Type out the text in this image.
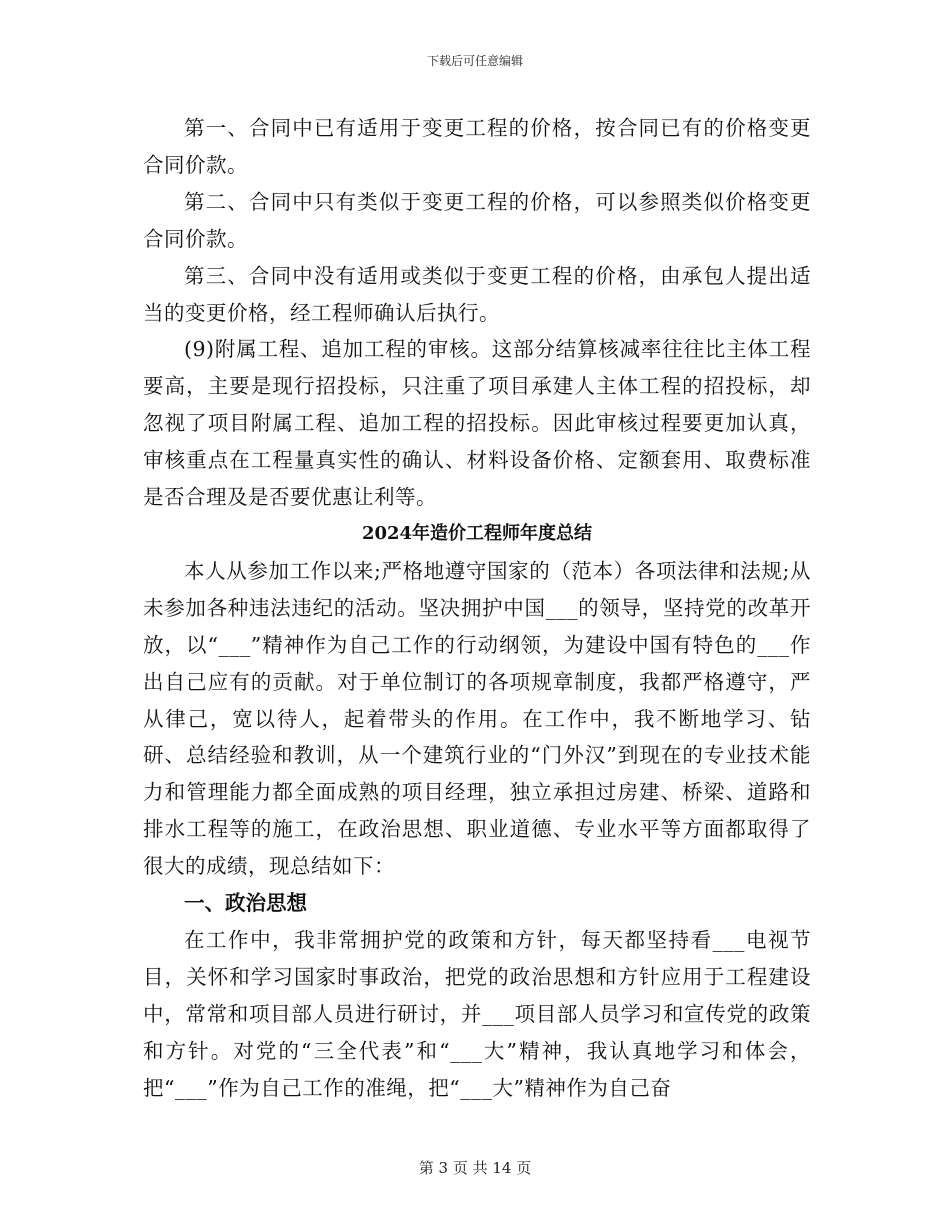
下载后可任意编辑

第一、合同中已有适用于变更工程的价格，按合同已有的价格变更合同价款。

第二、合同中只有类似于变更工程的价格，可以参照类似价格变更合同价款。

第三、合同中没有适用或类似于变更工程的价格，由承包人提出适当的变更价格，经工程师确认后执行。

(9)附属工程、追加工程的审核。这部分结算核减率往往比主体工程要高，主要是现行招投标，只注重了项目承建人主体工程的招投标，却忽视了项目附属工程、追加工程的招投标。因此审核过程要更加认真，审核重点在工程量真实性的确认、材料设备价格、定额套用、取费标准是否合理及是否要优惠让利等。

2024年造价工程师年度总结

本人从参加工作以来;严格地遵守国家的（范本）各项法律和法规;从未参加各种违法违纪的活动。坚决拥护中国___的领导，坚持党的改革开放，以“___”精神作为自己工作的行动纲领，为建设中国有特色的___作出自己应有的贡献。对于单位制订的各项规章制度，我都严格遵守，严从律己，宽以待人，起着带头的作用。在工作中，我不断地学习、钻研、总结经验和教训，从一个建筑行业的“门外汉”到现在的专业技术能力和管理能力都全面成熟的项目经理，独立承担过房建、桥梁、道路和排水工程等的施工，在政治思想、职业道德、专业水平等方面都取得了很大的成绩，现总结如下：

一、政治思想

在工作中，我非常拥护党的政策和方针，每天都坚持看___电视节目，关怀和学习国家时事政治，把党的政治思想和方针应用于工程建设中，常常和项目部人员进行研讨，并___项目部人员学习和宣传党的政策和方针。对党的“三全代表”和“___大”精神，我认真地学习和体会，把“___”作为自己工作的准绳，把“___大”精神作为自己奋

第 3 页 共 14 页
